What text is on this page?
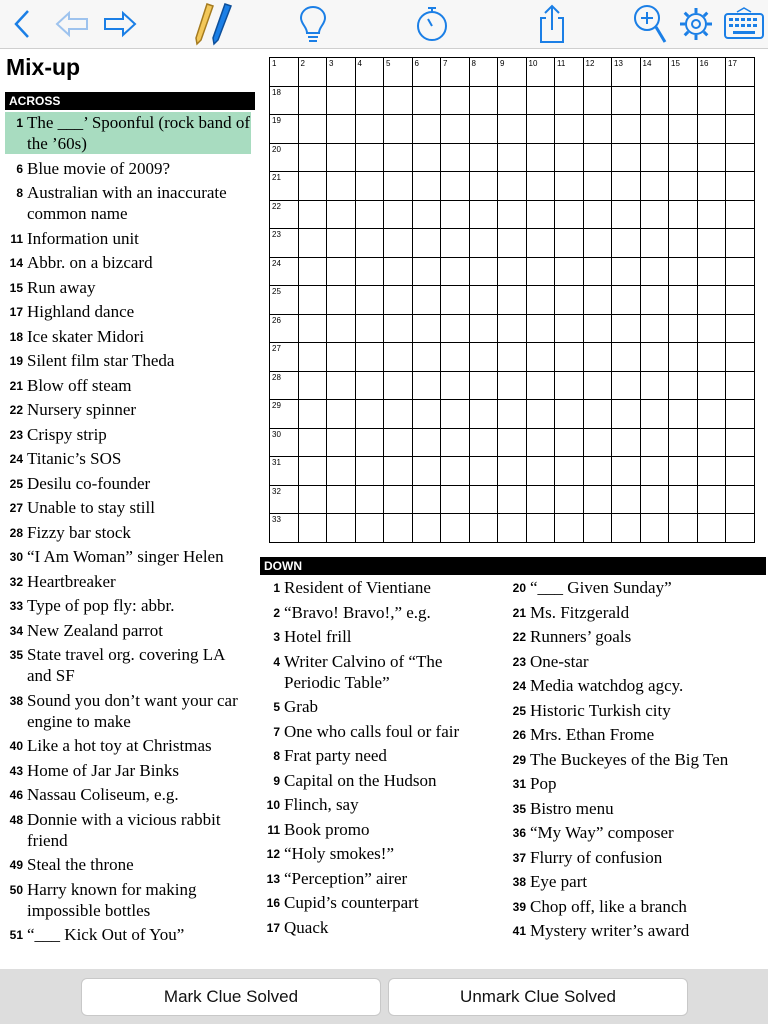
Mix-up
ACROSS
1 The ___’ Spoonful (rock band of the ’60s)
6 Blue movie of 2009?
8 Australian with an inaccurate common name
11 Information unit
14 Abbr. on a bizcard
15 Run away
17 Highland dance
18 Ice skater Midori
19 Silent film star Theda
21 Blow off steam
22 Nursery spinner
23 Crispy strip
24 Titanic’s SOS
25 Desilu co-founder
27 Unable to stay still
28 Fizzy bar stock
30 “I Am Woman” singer Helen
32 Heartbreaker
33 Type of pop fly: abbr.
34 New Zealand parrot
35 State travel org. covering LA and SF
38 Sound you don’t want your car engine to make
40 Like a hot toy at Christmas
43 Home of Jar Jar Binks
46 Nassau Coliseum, e.g.
48 Donnie with a vicious rabbit friend
49 Steal the throne
50 Harry known for making impossible bottles
51 “___ Kick Out of You”
1	2	3	4	5	6	7	8	9	10	11	12	13	14	15	16	17

18																

19																

20																

21																

22																

23																

24																

25																

26																

27																

28																

29																

30																

31																

32																

33																

DOWN
1 Resident of Vientiane
2 “Bravo! Bravo!,” e.g.
3 Hotel frill
4 Writer Calvino of “The Periodic Table”
5 Grab
7 One who calls foul or fair
8 Frat party need
9 Capital on the Hudson
10 Flinch, say
11 Book promo
12 “Holy smokes!”
13 “Perception” airer
16 Cupid’s counterpart
17 Quack
20 “___ Given Sunday”
21 Ms. Fitzgerald
22 Runners’ goals
23 One-star
24 Media watchdog agcy.
25 Historic Turkish city
26 Mrs. Ethan Frome
29 The Buckeyes of the Big Ten
31 Pop
35 Bistro menu
36 “My Way” composer
37 Flurry of confusion
38 Eye part
39 Chop off, like a branch
41 Mystery writer’s award
Mark Clue Solved	Unmark Clue Solved
